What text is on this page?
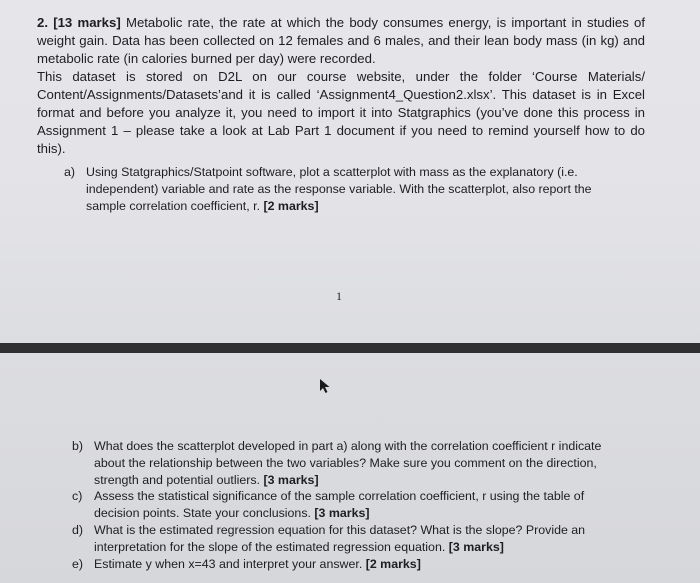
2. [13 marks] Metabolic rate, the rate at which the body consumes energy, is important in studies of weight gain. Data has been collected on 12 females and 6 males, and their lean body mass (in kg) and metabolic rate (in calories burned per day) were recorded.
This dataset is stored on D2L on our course website, under the folder ‘Course Materials/ Content/Assignments/Datasets’and it is called ‘Assignment4_Question2.xlsx’. This dataset is in Excel format and before you analyze it, you need to import it into Statgraphics (you’ve done this process in Assignment 1 – please take a look at Lab Part 1 document if you need to remind yourself how to do this).
a) Using Statgraphics/Statpoint software, plot a scatterplot with mass as the explanatory (i.e. independent) variable and rate as the response variable. With the scatterplot, also report the sample correlation coefficient, r. [2 marks]
1
b) What does the scatterplot developed in part a) along with the correlation coefficient r indicate about the relationship between the two variables? Make sure you comment on the direction, strength and potential outliers. [3 marks]
c) Assess the statistical significance of the sample correlation coefficient, r using the table of decision points. State your conclusions. [3 marks]
d) What is the estimated regression equation for this dataset? What is the slope? Provide an interpretation for the slope of the estimated regression equation. [3 marks]
e) Estimate y when x=43 and interpret your answer. [2 marks]
